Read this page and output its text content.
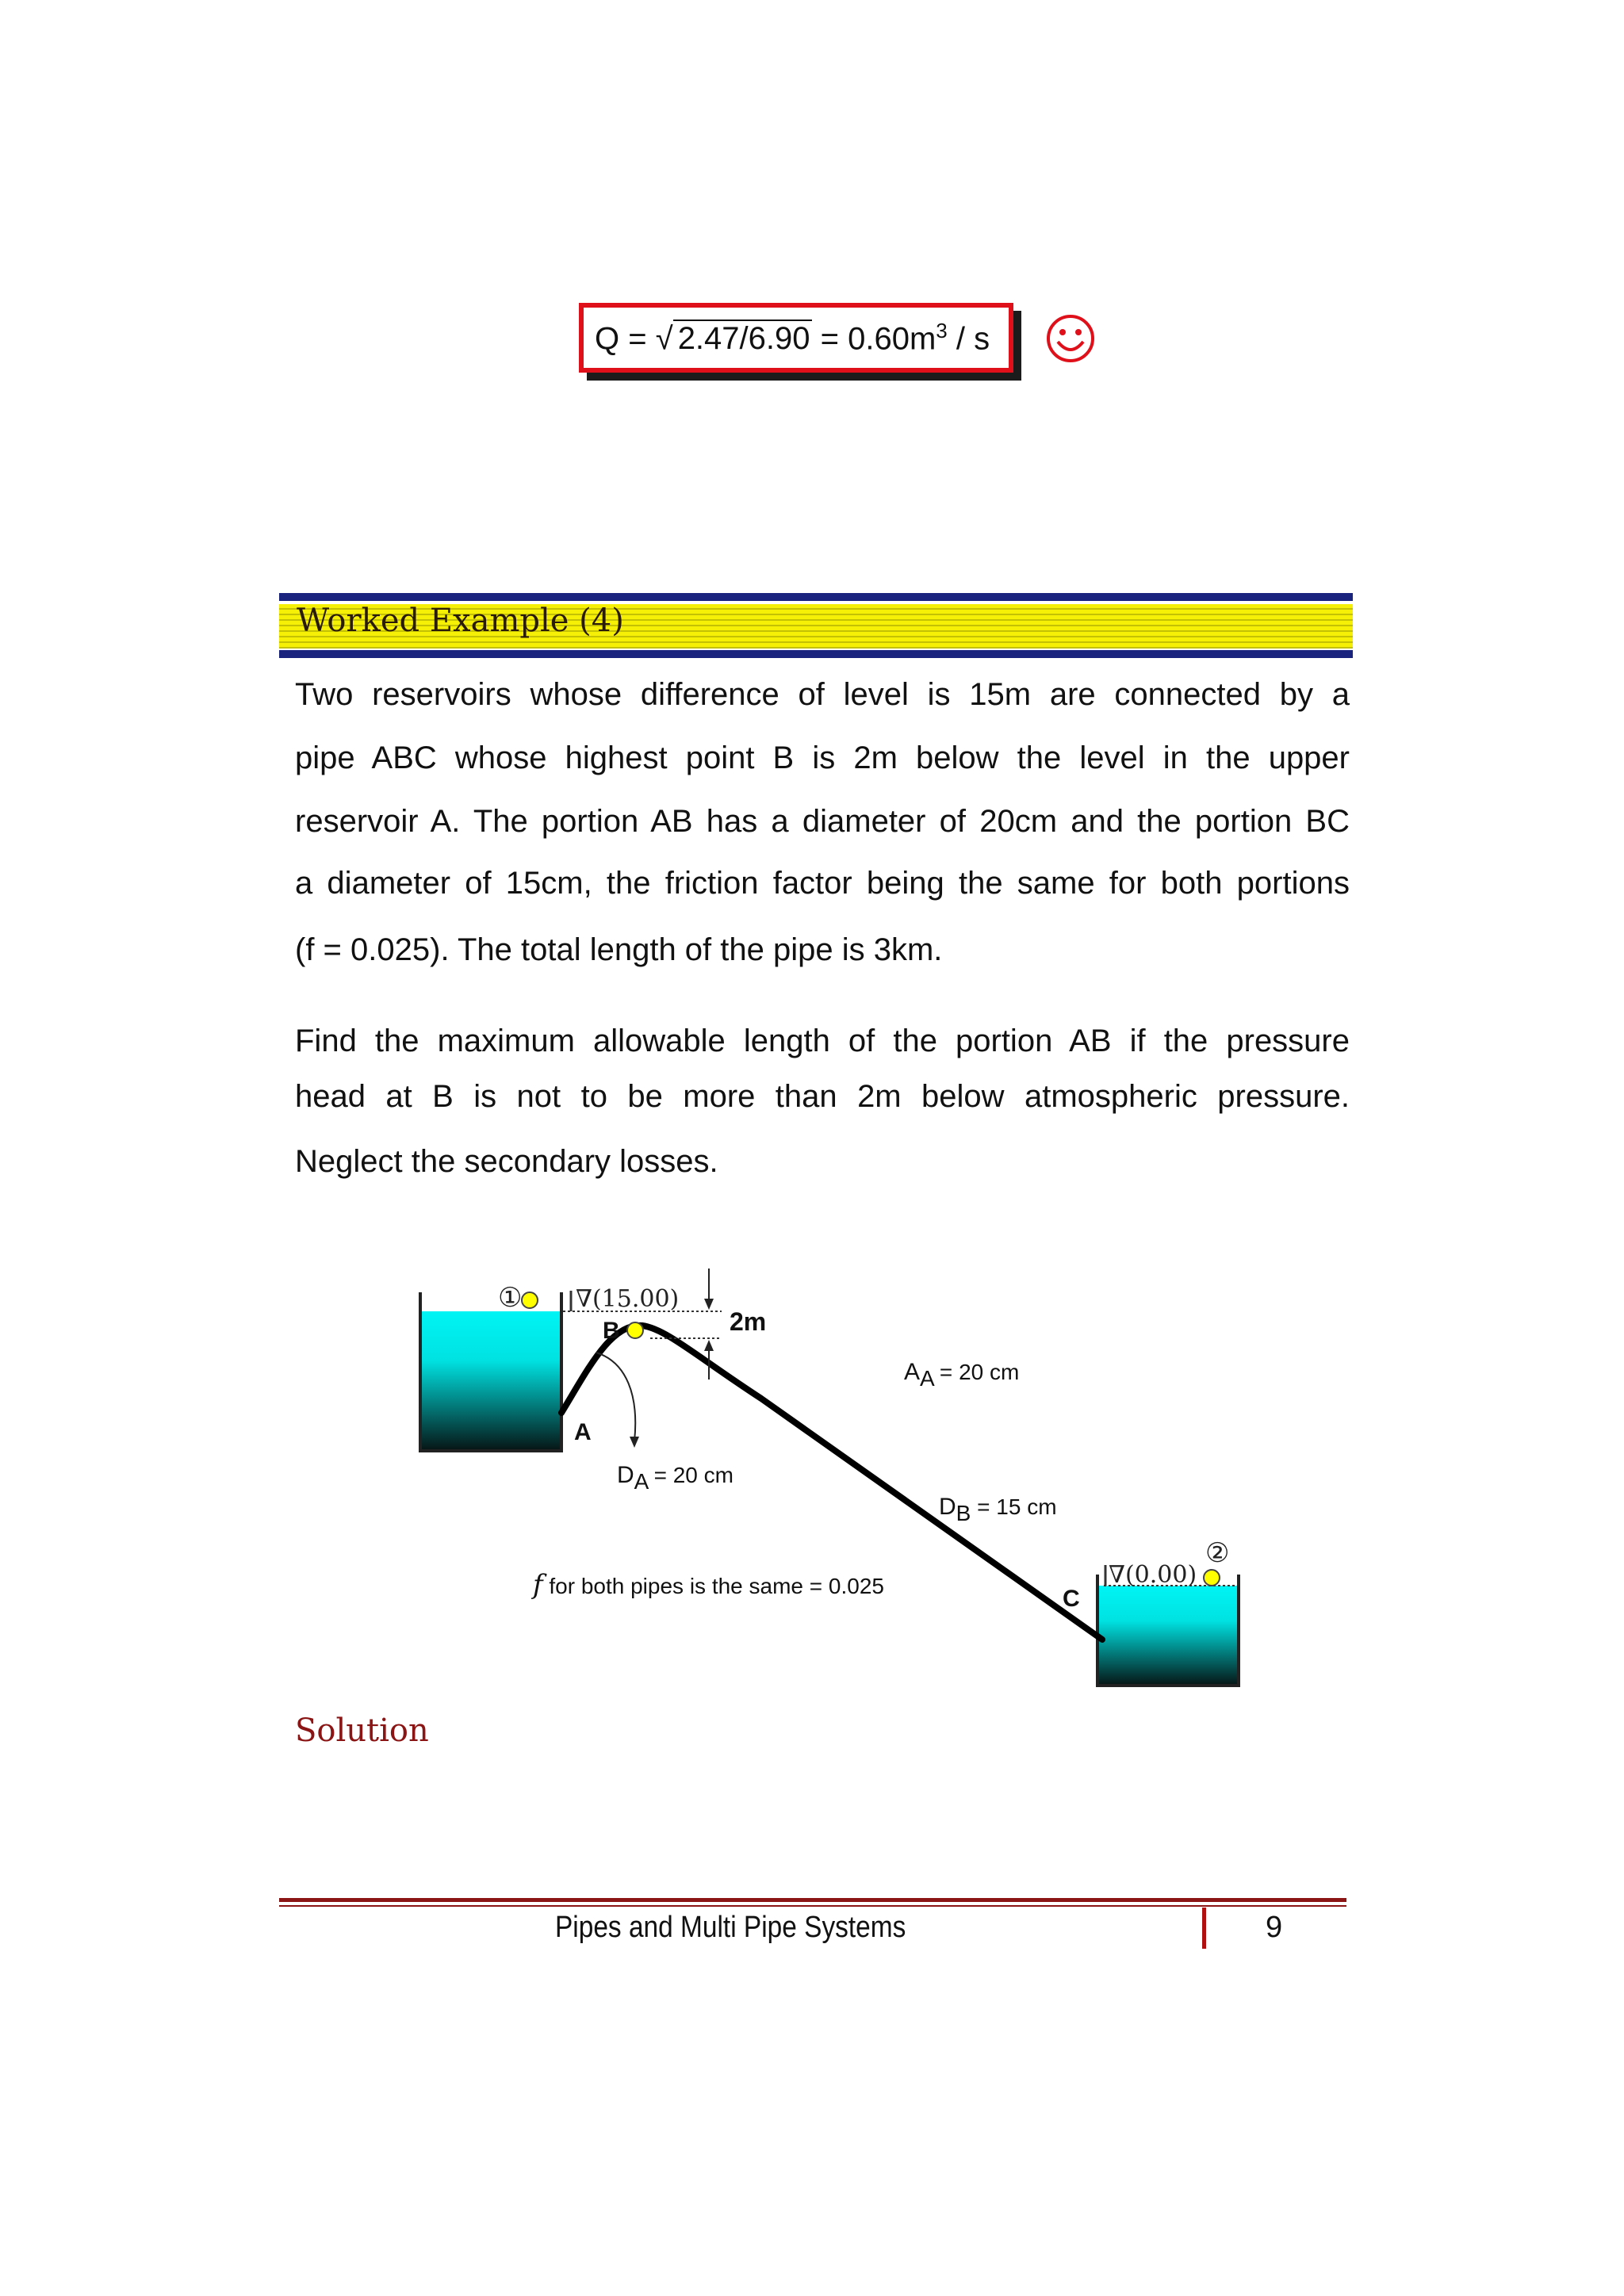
Q = √ $2.47/6.90 = 0.60m^3 / s$
Worked Example (4)
Two reservoirs whose difference of level is 15m are connected by a
pipe ABC whose highest point B is 2m below the level in the upper
reservoir A. The portion AB has a diameter of 20cm and the portion BC
a diameter of 15cm, the friction factor being the same for both portions
(f = 0.025). The total length of the pipe is 3km.
Find the maximum allowable length of the portion AB if the pressure
head at B is not to be more than 2m below atmospheric pressure.
Neglect the secondary losses.
①
②
∇(15.00)
∇(0.00)
B
A
C
2m
AA = 20 cm
DA = 20 cm
DB = 15 cm
f for both pipes is the same = 0.025
Solution
Pipes and Multi Pipe Systems	9
